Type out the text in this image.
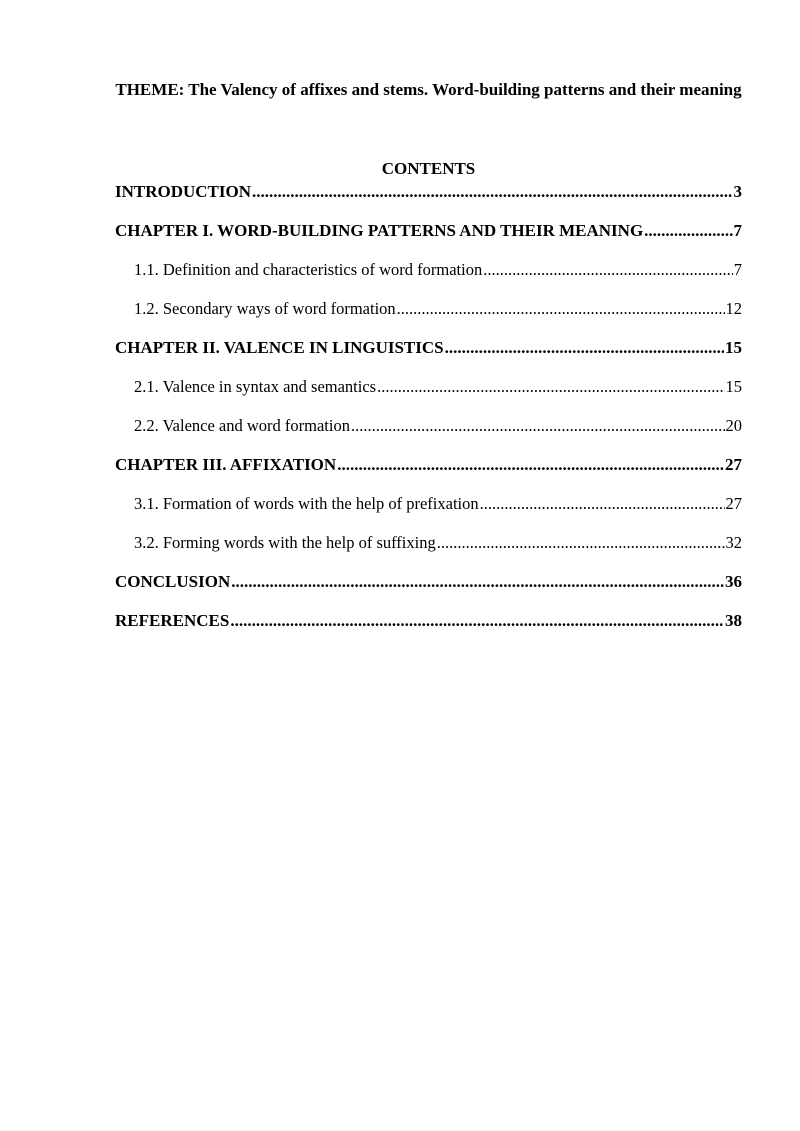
THEME: The Valency of affixes and stems. Word-building patterns and their meaning
CONTENTS
INTRODUCTION .....	3
CHAPTER I. WORD-BUILDING PATTERNS AND THEIR MEANING .....	7
1.1. Definition and characteristics of word formation .....	7
1.2. Secondary ways of word formation .....	12
CHAPTER II. VALENCE IN LINGUISTICS .....	15
2.1. Valence in syntax and semantics .....	15
2.2. Valence and word formation .....	20
CHAPTER III. AFFIXATION .....	27
3.1. Formation of words with the help of prefixation .....	27
3.2. Forming words with the help of suffixing .....	32
CONCLUSION .....	36
REFERENCES .....	38
